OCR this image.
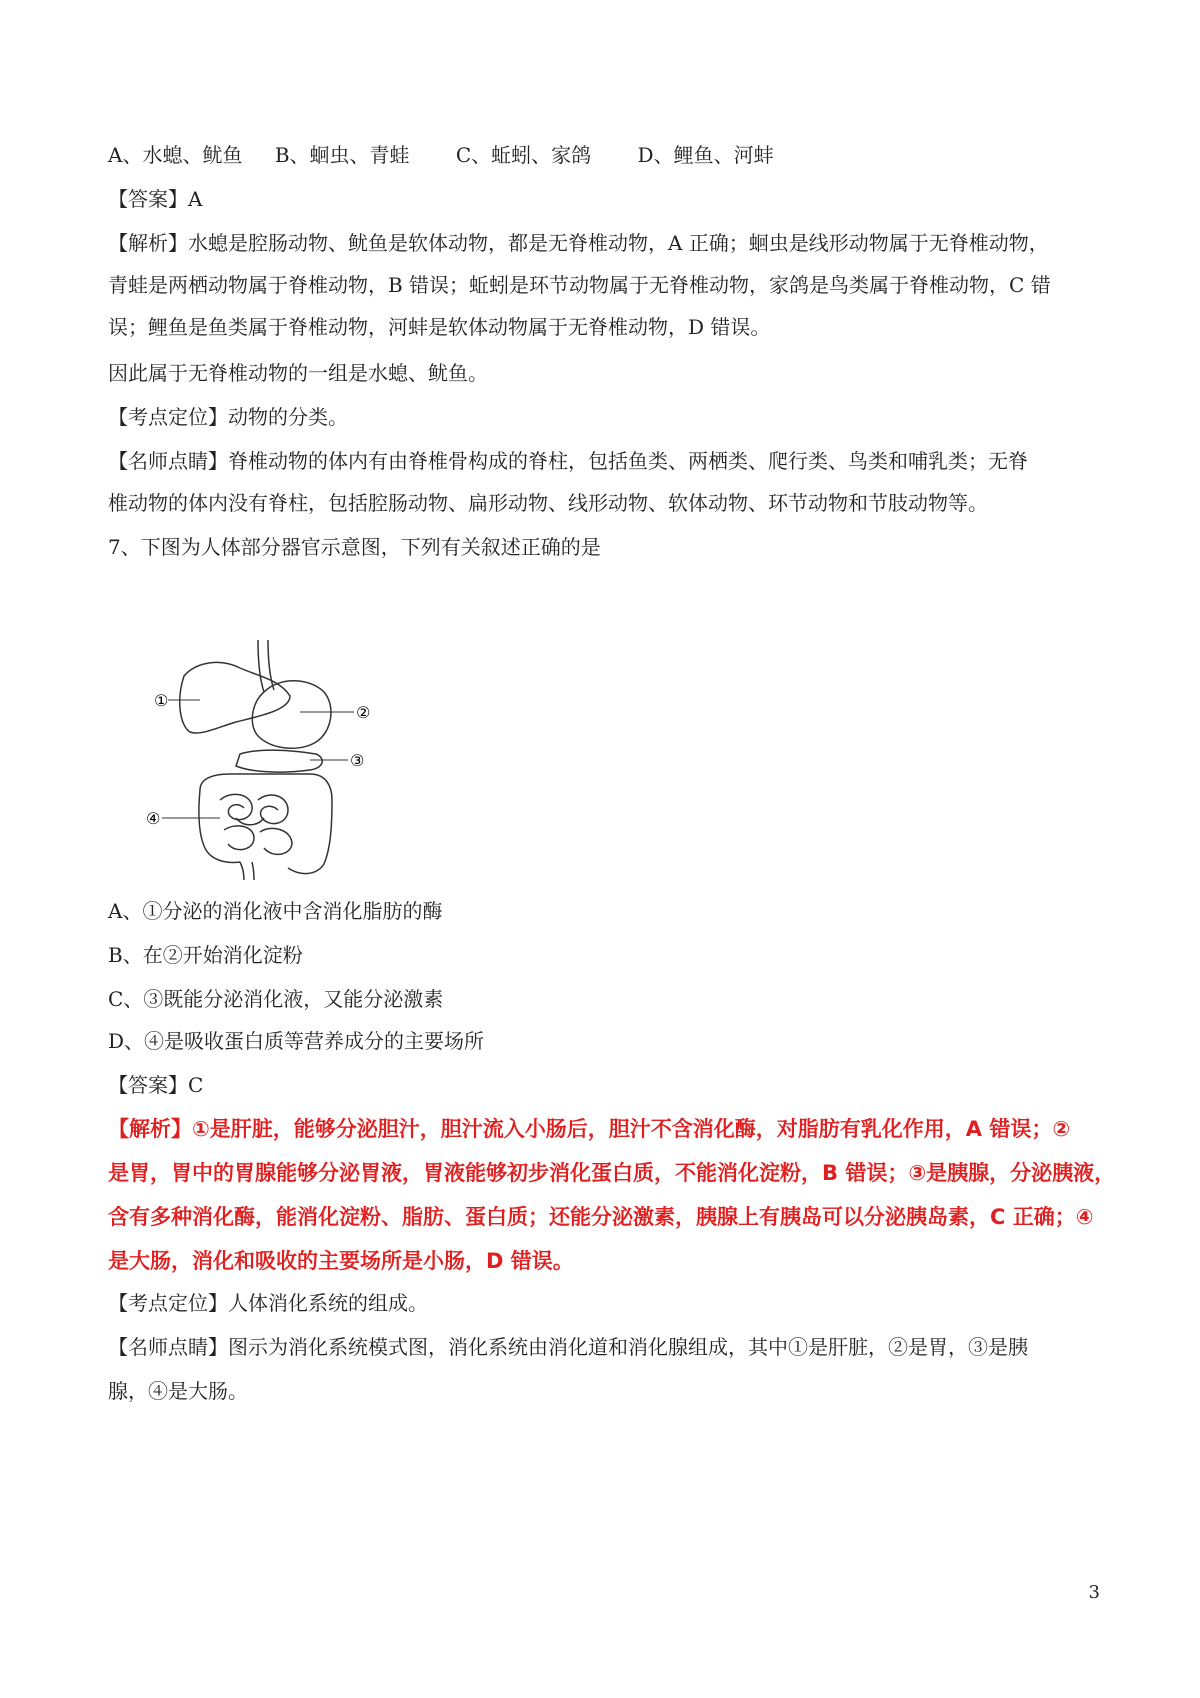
A、水螅、鱿鱼 B、蛔虫、青蛙 C、蚯蚓、家鸽 D、鲤鱼、河蚌
【答案】A
【解析】水螅是腔肠动物、鱿鱼是软体动物，都是无脊椎动物，A 正确；蛔虫是线形动物属于无脊椎动物，
青蛙是两栖动物属于脊椎动物，B 错误；蚯蚓是环节动物属于无脊椎动物，家鸽是鸟类属于脊椎动物，C 错
误；鲤鱼是鱼类属于脊椎动物，河蚌是软体动物属于无脊椎动物，D 错误。
因此属于无脊椎动物的一组是水螅、鱿鱼。
【考点定位】动物的分类。
【名师点睛】脊椎动物的体内有由脊椎骨构成的脊柱，包括鱼类、两栖类、爬行类、鸟类和哺乳类；无脊
椎动物的体内没有脊柱，包括腔肠动物、扁形动物、线形动物、软体动物、环节动物和节肢动物等。
7、下图为人体部分器官示意图，下列有关叙述正确的是
①
②
③
④
A、①分泌的消化液中含消化脂肪的酶
B、在②开始消化淀粉
C、③既能分泌消化液，又能分泌激素
D、④是吸收蛋白质等营养成分的主要场所
【答案】C
【解析】①是肝脏，能够分泌胆汁，胆汁流入小肠后，胆汁不含消化酶，对脂肪有乳化作用，A 错误；②
是胃，胃中的胃腺能够分泌胃液，胃液能够初步消化蛋白质，不能消化淀粉，B 错误；③是胰腺，分泌胰液，
含有多种消化酶，能消化淀粉、脂肪、蛋白质；还能分泌激素，胰腺上有胰岛可以分泌胰岛素，C 正确；④
是大肠，消化和吸收的主要场所是小肠，D 错误。
【考点定位】人体消化系统的组成。
【名师点睛】图示为消化系统模式图，消化系统由消化道和消化腺组成，其中①是肝脏，②是胃，③是胰
腺，④是大肠。
3
